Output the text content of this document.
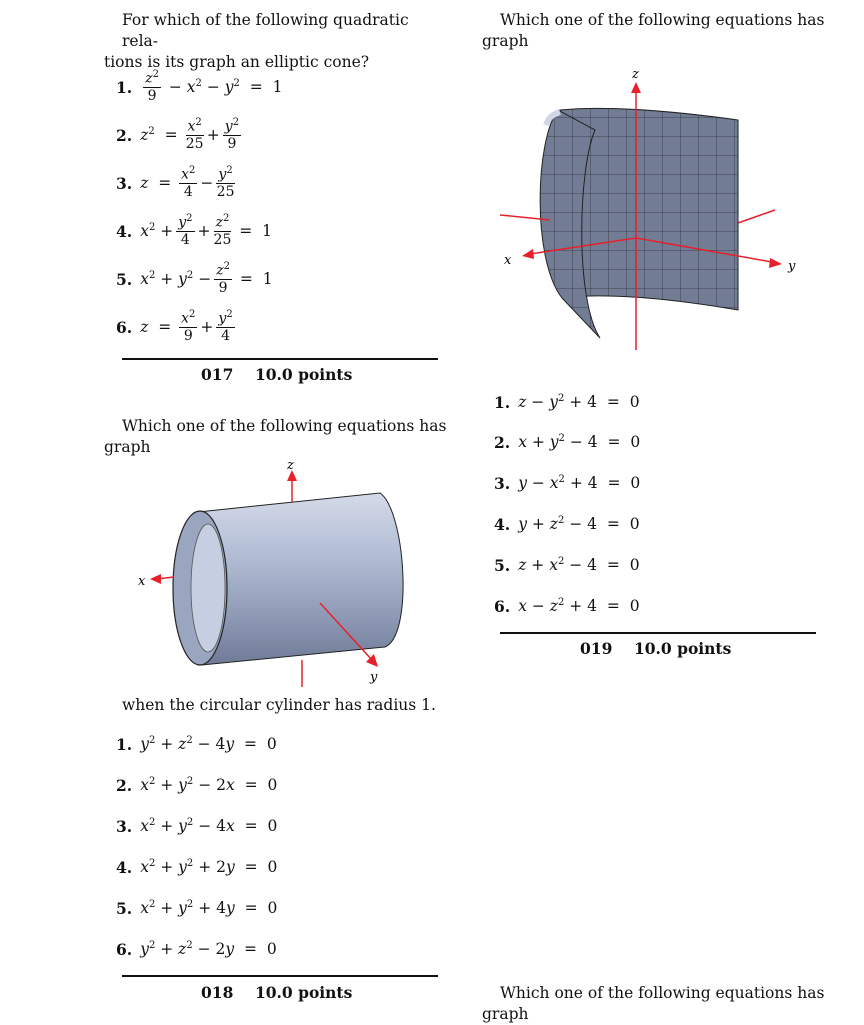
For which of the following quadratic rela-
tions is its graph an elliptic cone?
1. $\frac{z^2}{9} - x^2 - y^2 = 1$
2. $z^2 = \frac{x^2}{25} + \frac{y^2}{9}$
3. $z = \frac{x^2}{4} - \frac{y^2}{25}$
4. $x^2 + \frac{y^2}{4} + \frac{z^2}{25} = 1$
5. $x^2 + y^2 - \frac{z^2}{9} = 1$
6. $z = \frac{x^2}{9} + \frac{y^2}{4}$
017 10.0 points
Which one of the following equations has
graph
z
x
y
when the circular cylinder has radius 1.
1. $y^2 + z^2 - 4y = 0$
2. $x^2 + y^2 - 2x = 0$
3. $x^2 + y^2 - 4x = 0$
4. $x^2 + y^2 + 2y = 0$
5. $x^2 + y^2 + 4y = 0$
6. $y^2 + z^2 - 2y = 0$
018 10.0 points
Which one of the following equations has
graph
z
x	y
1. $z - y^2 + 4 = 0$
2. $x + y^2 - 4 = 0$
3. $y - x^2 + 4 = 0$
4. $y + z^2 - 4 = 0$
5. $z + x^2 - 4 = 0$
6. $x - z^2 + 4 = 0$
019 10.0 points
Which one of the following equations has
graph
